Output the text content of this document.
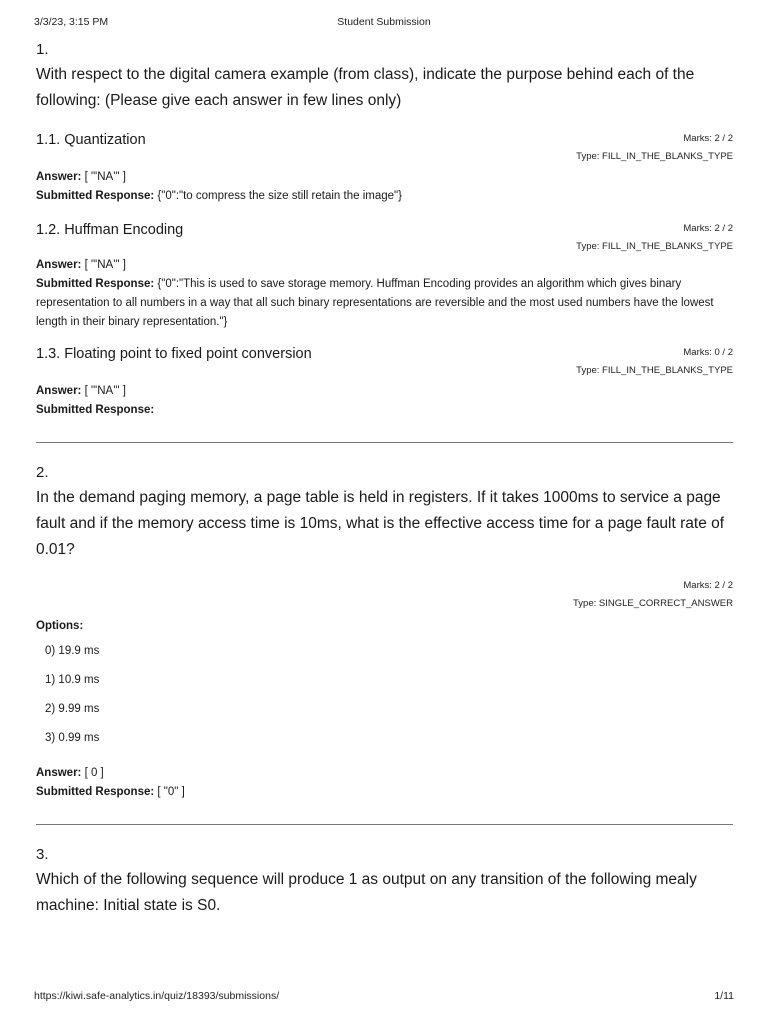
3/3/23, 3:15 PM	Student Submission

1.

With respect to the digital camera example (from class), indicate the purpose behind each of the following: (Please give each answer in few lines only)

1.1. Quantization	Marks: 2 / 2
Type: FILL_IN_THE_BLANKS_TYPE
Answer: [ "'NA'" ]
Submitted Response: {"0":"to compress the size still retain the image"}
1.2. Huffman Encoding	Marks: 2 / 2
Type: FILL_IN_THE_BLANKS_TYPE
Answer: [ "'NA'" ]
Submitted Response: {"0":"This is used to save storage memory. Huffman Encoding provides an algorithm which gives binary representation to all numbers in a way that all such binary representations are reversible and the most used numbers have the lowest length in their binary representation."}
1.3. Floating point to fixed point conversion	Marks: 0 / 2
Type: FILL_IN_THE_BLANKS_TYPE
Answer: [ "'NA'" ]
Submitted Response:

2.

In the demand paging memory, a page table is held in registers. If it takes 1000ms to service a page fault and if the memory access time is 10ms, what is the effective access time for a page fault rate of 0.01?

Marks: 2 / 2
Type: SINGLE_CORRECT_ANSWER
Options:
0) 19.9 ms
1) 10.9 ms
2) 9.99 ms
3) 0.99 ms
Answer: [ 0 ]
Submitted Response: [ "0" ]

3.

Which of the following sequence will produce 1 as output on any transition of the following mealy machine: Initial state is S0.

https://kiwi.safe-analytics.in/quiz/18393/submissions/	1/11
